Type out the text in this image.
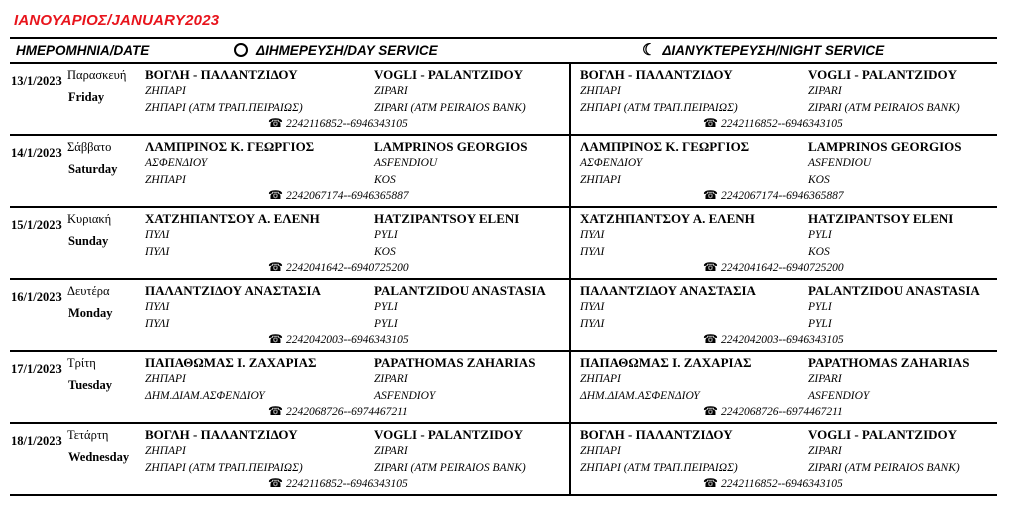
ΙΑΝΟΥΑΡΙΟΣ/JANUARY2023
ΗΜΕΡΟΜΗΝΙΑ/DATE	ΔΙΗΜΕΡΕΥΣΗ/DAY SERVICE	☾ ΔΙΑΝΥΚΤΕΡΕΥΣΗ/NIGHT SERVICE
13/1/2023 Παρασκευή
Friday
ΒΟΓΛΗ - ΠΑΛΑΝΤΖΙΔΟΥ
ΖΗΠΑΡΙ
ΖΗΠΑΡΙ (ΑΤΜ ΤΡΑΠ.ΠΕΙΡΑΙΩΣ)
VOGLI - PALANTZIDOY
ZIPARI
ZIPARI (ATM PEIRAIOS BANK)
☎ 2242116852--6946343105
ΒΟΓΛΗ - ΠΑΛΑΝΤΖΙΔΟΥ
ΖΗΠΑΡΙ
ΖΗΠΑΡΙ (ΑΤΜ ΤΡΑΠ.ΠΕΙΡΑΙΩΣ)
VOGLI - PALANTZIDOY
ZIPARI
ZIPARI (ATM PEIRAIOS BANK)
☎ 2242116852--6946343105
14/1/2023 Σάββατο
Saturday
ΛΑΜΠΡΙΝΟΣ Κ. ΓΕΩΡΓΙΟΣ
ΑΣΦΕΝΔΙΟΥ
ΖΗΠΑΡΙ
LAMPRINOS GEORGIOS
ASFENDIOU
KOS
☎ 2242067174--6946365887
ΛΑΜΠΡΙΝΟΣ Κ. ΓΕΩΡΓΙΟΣ
ΑΣΦΕΝΔΙΟΥ
ΖΗΠΑΡΙ
LAMPRINOS GEORGIOS
ASFENDIOU
KOS
☎ 2242067174--6946365887
15/1/2023 Κυριακή
Sunday
ΧΑΤΖΗΠΑΝΤΣΟΥ Α. ΕΛΕΝΗ
ΠΥΛΙ
ΠΥΛΙ
HATZIPANTSOY ELENI
PYLI
KOS
☎ 2242041642--6940725200
ΧΑΤΖΗΠΑΝΤΣΟΥ Α. ΕΛΕΝΗ
ΠΥΛΙ
ΠΥΛΙ
HATZIPANTSOY ELENI
PYLI
KOS
☎ 2242041642--6940725200
16/1/2023 Δευτέρα
Monday
ΠΑΛΑΝΤΖΙΔΟΥ ΑΝΑΣΤΑΣΙΑ
ΠΥΛΙ
ΠΥΛΙ
PALANTZIDOU ANASTASIA
PYLI
PYLI
☎ 2242042003--6946343105
ΠΑΛΑΝΤΖΙΔΟΥ ΑΝΑΣΤΑΣΙΑ
ΠΥΛΙ
ΠΥΛΙ
PALANTZIDOU ANASTASIA
PYLI
PYLI
☎ 2242042003--6946343105
17/1/2023 Τρίτη
Tuesday
ΠΑΠΑΘΩΜΑΣ Ι. ΖΑΧΑΡΙΑΣ
ΖΗΠΑΡΙ
ΔΗΜ.ΔΙΑΜ.ΑΣΦΕΝΔΙΟΥ
PAPATHOMAS ZAHARIAS
ZIPARI
ASFENDIOY
☎ 2242068726--6974467211
ΠΑΠΑΘΩΜΑΣ Ι. ΖΑΧΑΡΙΑΣ
ΖΗΠΑΡΙ
ΔΗΜ.ΔΙΑΜ.ΑΣΦΕΝΔΙΟΥ
PAPATHOMAS ZAHARIAS
ZIPARI
ASFENDIOY
☎ 2242068726--6974467211
18/1/2023 Τετάρτη
Wednesday
ΒΟΓΛΗ - ΠΑΛΑΝΤΖΙΔΟΥ
ΖΗΠΑΡΙ
ΖΗΠΑΡΙ (ΑΤΜ ΤΡΑΠ.ΠΕΙΡΑΙΩΣ)
VOGLI - PALANTZIDOY
ZIPARI
ZIPARI (ATM PEIRAIOS BANK)
☎ 2242116852--6946343105
ΒΟΓΛΗ - ΠΑΛΑΝΤΖΙΔΟΥ
ΖΗΠΑΡΙ
ΖΗΠΑΡΙ (ΑΤΜ ΤΡΑΠ.ΠΕΙΡΑΙΩΣ)
VOGLI - PALANTZIDOY
ZIPARI
ZIPARI (ATM PEIRAIOS BANK)
☎ 2242116852--6946343105
